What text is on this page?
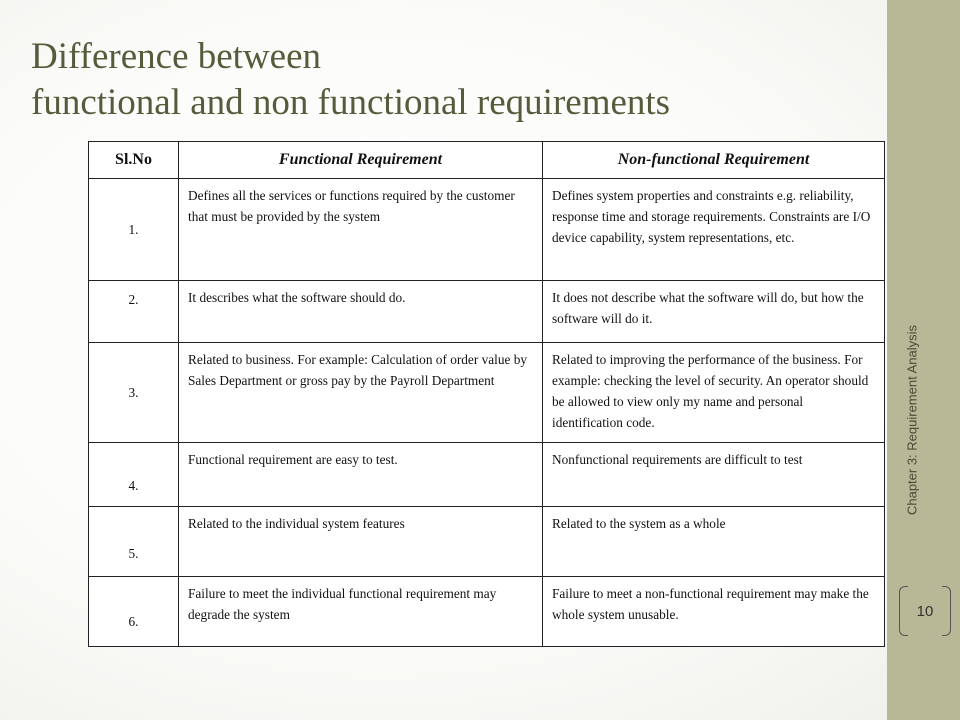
Difference between
functional and non functional requirements
Sl.No	Functional Requirement	Non-functional Requirement
1.	Defines all the services or functions required by the customer that must be provided by the system	Defines system properties and constraints e.g. reliability, response time and storage requirements. Constraints are I/O device capability, system representations, etc.
2.	It describes what the software should do.	It does not describe what the software will do, but how the software will do it.
3.	Related to business. For example: Calculation of order value by Sales Department or gross pay by the Payroll Department	Related to improving the performance of the business. For example: checking the level of security. An operator should be allowed to view only my name and personal identification code.
4.	Functional requirement are easy to test.	Nonfunctional requirements are difficult to test
5.	Related to the individual system features	Related to the system as a whole
6.	Failure to meet the individual functional requirement may degrade the system	Failure to meet a non-functional requirement may make the whole system unusable.
Chapter 3: Requirement Analysis
10
